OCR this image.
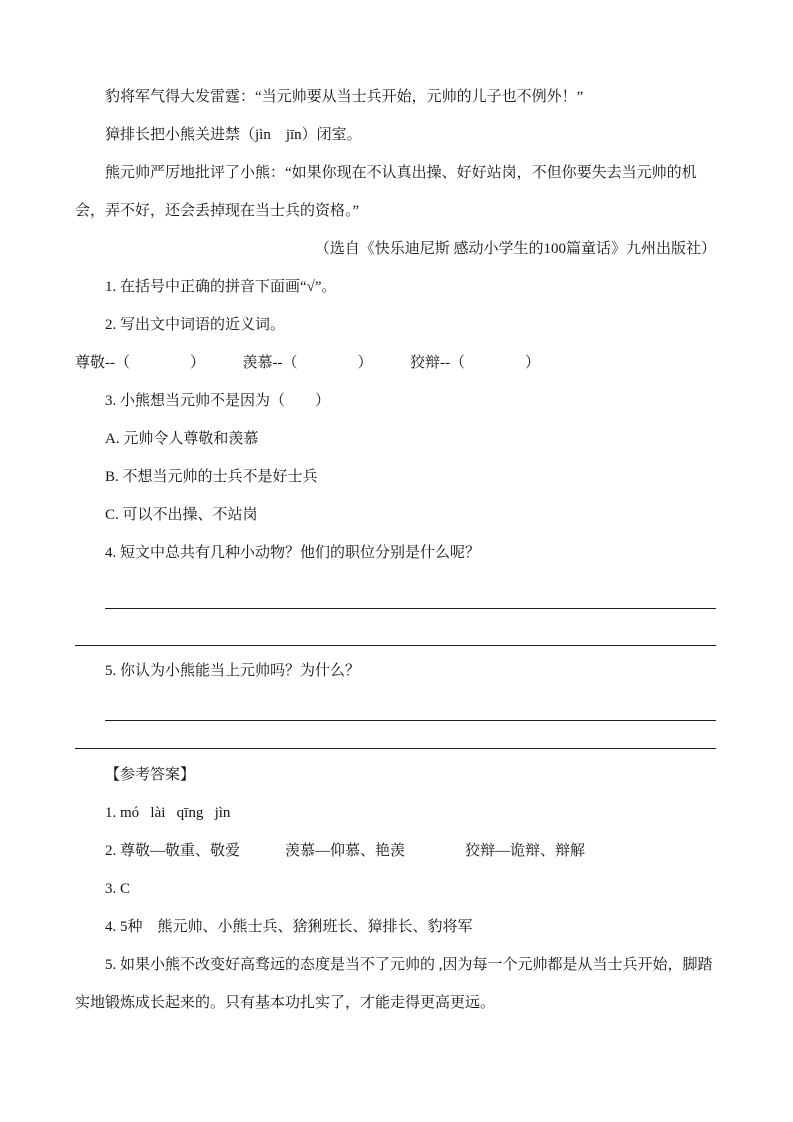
豹将军气得大发雷霆：“当元帅要从当士兵开始，元帅的儿子也不例外！”

獐排长把小熊关进禁（jìn　jīn）闭室。

熊元帅严厉地批评了小熊：“如果你现在不认真出操、好好站岗，不但你要失去当元帅的机会，弄不好，还会丢掉现在当士兵的资格。”

（选自《快乐迪尼斯 感动小学生的100篇童话》九州出版社）

1. 在括号中正确的拼音下面画“√”。

2. 写出文中词语的近义词。

尊敬--（　　　　）　　　羡慕--（　　　　）　　　狡辩--（　　　　）

3. 小熊想当元帅不是因为（　　）

A. 元帅令人尊敬和羡慕

B. 不想当元帅的士兵不是好士兵

C. 可以不出操、不站岗

4. 短文中总共有几种小动物？他们的职位分别是什么呢？

5. 你认为小熊能当上元帅吗？为什么？

【参考答案】

1. mó   lài   qīng   jìn

2. 尊敬—敬重、敬爱　　　羡慕—仰慕、艳羡　　　　狡辩—诡辩、辩解

3. C

4. 5种　熊元帅、小熊士兵、猞猁班长、獐排长、豹将军

5. 如果小熊不改变好高骛远的态度是当不了元帅的 ,因为每一个元帅都是从当士兵开始，脚踏实地锻炼成长起来的。只有基本功扎实了，才能走得更高更远。
